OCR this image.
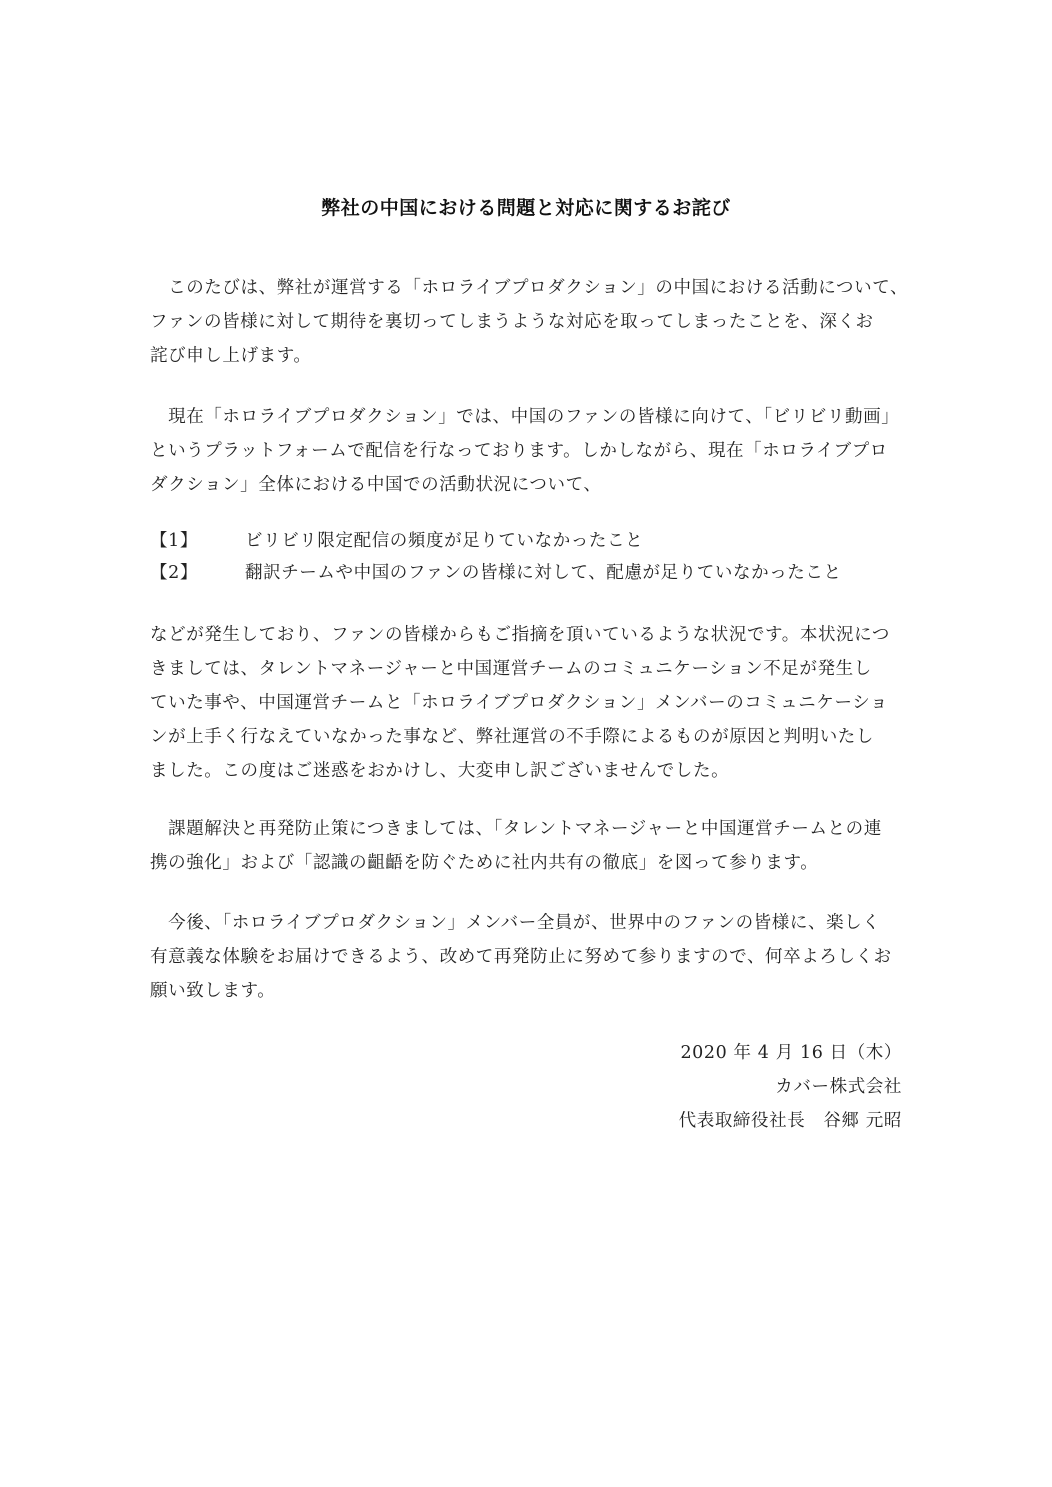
弊社の中国における問題と対応に関するお詫び
　このたびは、弊社が運営する「ホロライブプロダクション」の中国における活動について、
ファンの皆様に対して期待を裏切ってしまうような対応を取ってしまったことを、深くお
詫び申し上げます。
　現在「ホロライブプロダクション」では、中国のファンの皆様に向けて、「ビリビリ動画」
というプラットフォームで配信を行なっております。しかしながら、現在「ホロライブプロ
ダクション」全体における中国での活動状況について、
【1】	ビリビリ限定配信の頻度が足りていなかったこと
【2】	翻訳チームや中国のファンの皆様に対して、配慮が足りていなかったこと
などが発生しており、ファンの皆様からもご指摘を頂いているような状況です。本状況につ
きましては、タレントマネージャーと中国運営チームのコミュニケーション不足が発生し
ていた事や、中国運営チームと「ホロライブプロダクション」メンバーのコミュニケーショ
ンが上手く行なえていなかった事など、弊社運営の不手際によるものが原因と判明いたし
ました。この度はご迷惑をおかけし、大変申し訳ございませんでした。
　課題解決と再発防止策につきましては、「タレントマネージャーと中国運営チームとの連
携の強化」および「認識の齟齬を防ぐために社内共有の徹底」を図って参ります。
　今後、「ホロライブプロダクション」メンバー全員が、世界中のファンの皆様に、楽しく
有意義な体験をお届けできるよう、改めて再発防止に努めて参りますので、何卒よろしくお
願い致します。
2020 年 4 月 16 日（木）
カバー株式会社
代表取締役社長　谷郷 元昭
